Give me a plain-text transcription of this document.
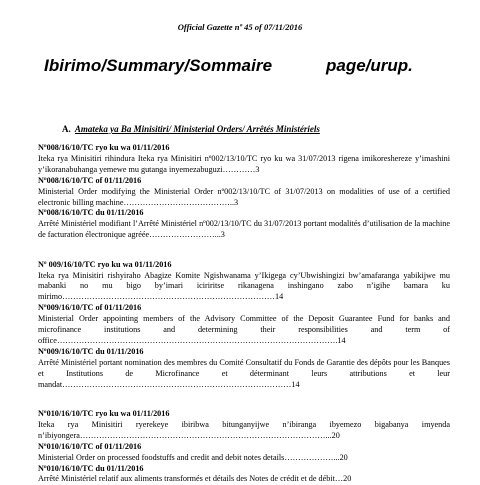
Official Gazette nº 45 of 07/11/2016
Ibirimo/Summary/Sommaire	page/urup.
A. Amateka ya Ba Minisitiri/ Ministerial Orders/ Arrêtés Ministériels
Nº008/16/10/TC ryo ku wa 01/11/2016
Iteka rya Minisitiri rihindura Iteka rya Minisitiri nº002/13/10/TC ryo ku wa 31/07/2013 rigena imikoreshereze y’imashini y’ikoranabuhanga yemewe mu gutanga inyemezabuguzi…………3
Nº008/16/10/TC of 01/11/2016
Ministerial Order modifying the Ministerial Order nº002/13/10/TC of 31/07/2013 on modalities of use of a certified electronic billing machine…………………………………..3
Nº008/16/10/TC du 01/11/2016
Arrêté Ministériel modifiant l’Arrêté Ministériel nº002/13/10/TC du 31/07/2013 portant modalités d’utilisation de la machine de facturation électronique agréée……………………...3
Nº 009/16/10/TC ryo ku wa 01/11/2016
Iteka rya Minisitiri rishyiraho Abagize Komite Ngishwanama y’Ikigega cy’Ubwishingizi bw’amafaranga yabikijwe mu mabanki no mu bigo by’imari iciriritse rikanagena inshingano zabo n’igihe bamara ku mirimo……………………………………………………………………14
Nº009/16/10/TC of 01/11/2016
Ministerial Order appointing members of the Advisory Committee of the Deposit Guarantee Fund for banks and microfinance institutions and determining their responsibilities and term of office………………………………………………………………………………………….14
Nº009/16/10/TC du 01/11/2016
Arrêté Ministériel portant nomination des membres du Comité Consultatif du Fonds de Garantie des dépôts pour les Banques et Institutions de Microfinance et déterminant leurs attributions et leur mandat…………………………………………………………………………14
Nº010/16/10/TC ryo ku wa 01/11/2016
Iteka rya Minisitiri ryerekeye ibiribwa bitunganyijwe n’ibiranga ibyemezo bigabanya imyenda n’ibiyongera………………………………………………………………………………...20
Nº010/16/10/TC of 01/11/2016
Ministerial Order on processed foodstuffs and credit and debit notes details………………...20
Nº010/16/10/TC du 01/11/2016
Arrêté Ministériel relatif aux aliments transformés et détails des Notes de crédit et de débit…20
